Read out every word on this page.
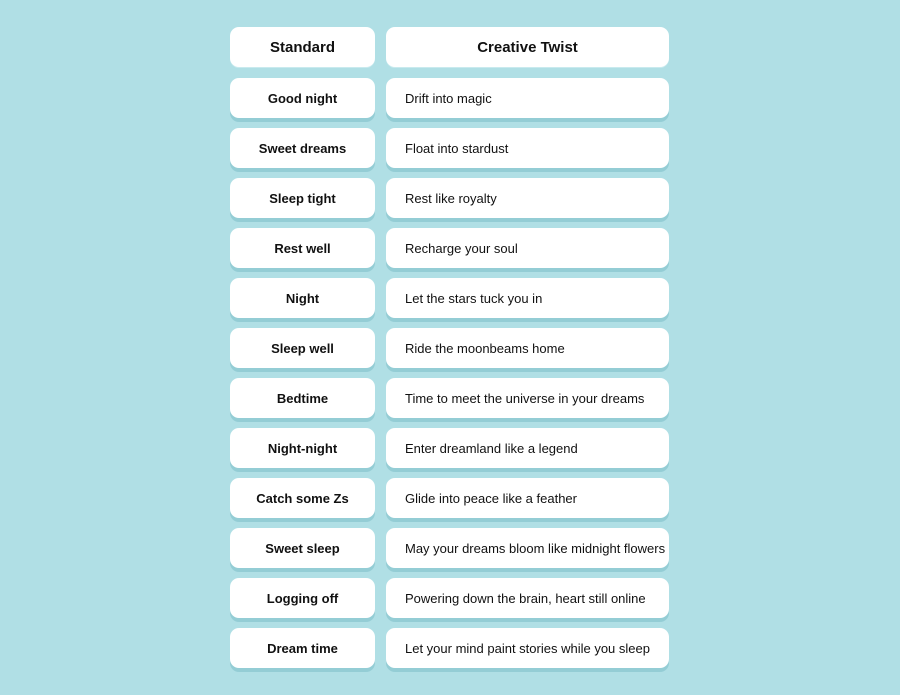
Standard	Creative Twist
Good night	Drift into magic
Sweet dreams	Float into stardust
Sleep tight	Rest like royalty
Rest well	Recharge your soul
Night	Let the stars tuck you in
Sleep well	Ride the moonbeams home
Bedtime	Time to meet the universe in your dreams
Night-night	Enter dreamland like a legend
Catch some Zs	Glide into peace like a feather
Sweet sleep	May your dreams bloom like midnight flowers
Logging off	Powering down the brain, heart still online
Dream time	Let your mind paint stories while you sleep
